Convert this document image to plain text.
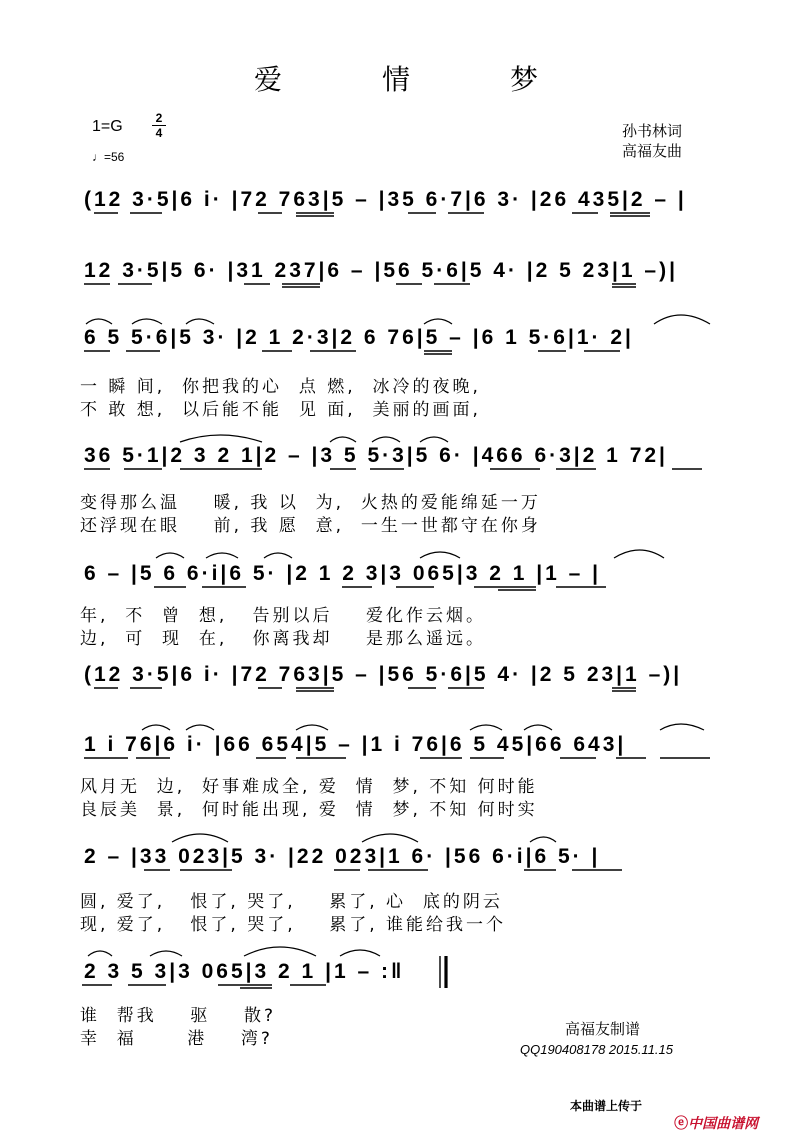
爱　情　梦
1=G	2
4
♩=56
孙书林词
高福友曲
(12 3·5|6 i· |72 763|5 – |35 6·7|6 3· |26 435|2 – |
12 3·5|5 6· |31 237|6 – |56 5·6|5 4· |2 5 23|1 –)|
6 5 5·6|5 3· |2 1 2·3|2 6 76|5 – |6 1 5·6|1· 2|
一 瞬 间,  你把我的心  点 燃,  冰冷的夜晚,
不 敢 想,  以后能不能  见 面,  美丽的画面,
36 5·1|2 3 2 1|2 – |3 5 5·3|5 6· |466 6·3|2 1 72|
变得那么温    暖, 我 以  为,  火热的爱能绵延一万
还浮现在眼    前, 我 愿  意,  一生一世都守在你身
6 – |5 6 6·i|6 5· |2 1 2 3|3 065|3 2 1 |1 – |
年,  不  曾  想,   告别以后    爱化作云烟。
边,  可  现  在,   你离我却    是那么遥远。
(12 3·5|6 i· |72 763|5 – |56 5·6|5 4· |2 5 23|1 –)|
1 i 76|6 i· |66 654|5 – |1 i 76|6 5 45|66 643|
风月无  边,  好事难成全, 爱  情  梦, 不知 何时能
良辰美  景,  何时能出现, 爱  情  梦, 不知 何时实
2 – |33 023|5 3· |22 023|1 6· |56 6·i|6 5· |
圆, 爱了,   恨了, 哭了,    累了, 心  底的阴云
现, 爱了,   恨了, 哭了,    累了, 谁能给我一个
2 3 5 3|3 065|3 2 1 |1 – :‖
谁  帮我    驱    散?
幸  福      港    湾?	高福友制谱
QQ190408178 2015.11.15
本曲谱上传于

ⓔ中国曲谱网
